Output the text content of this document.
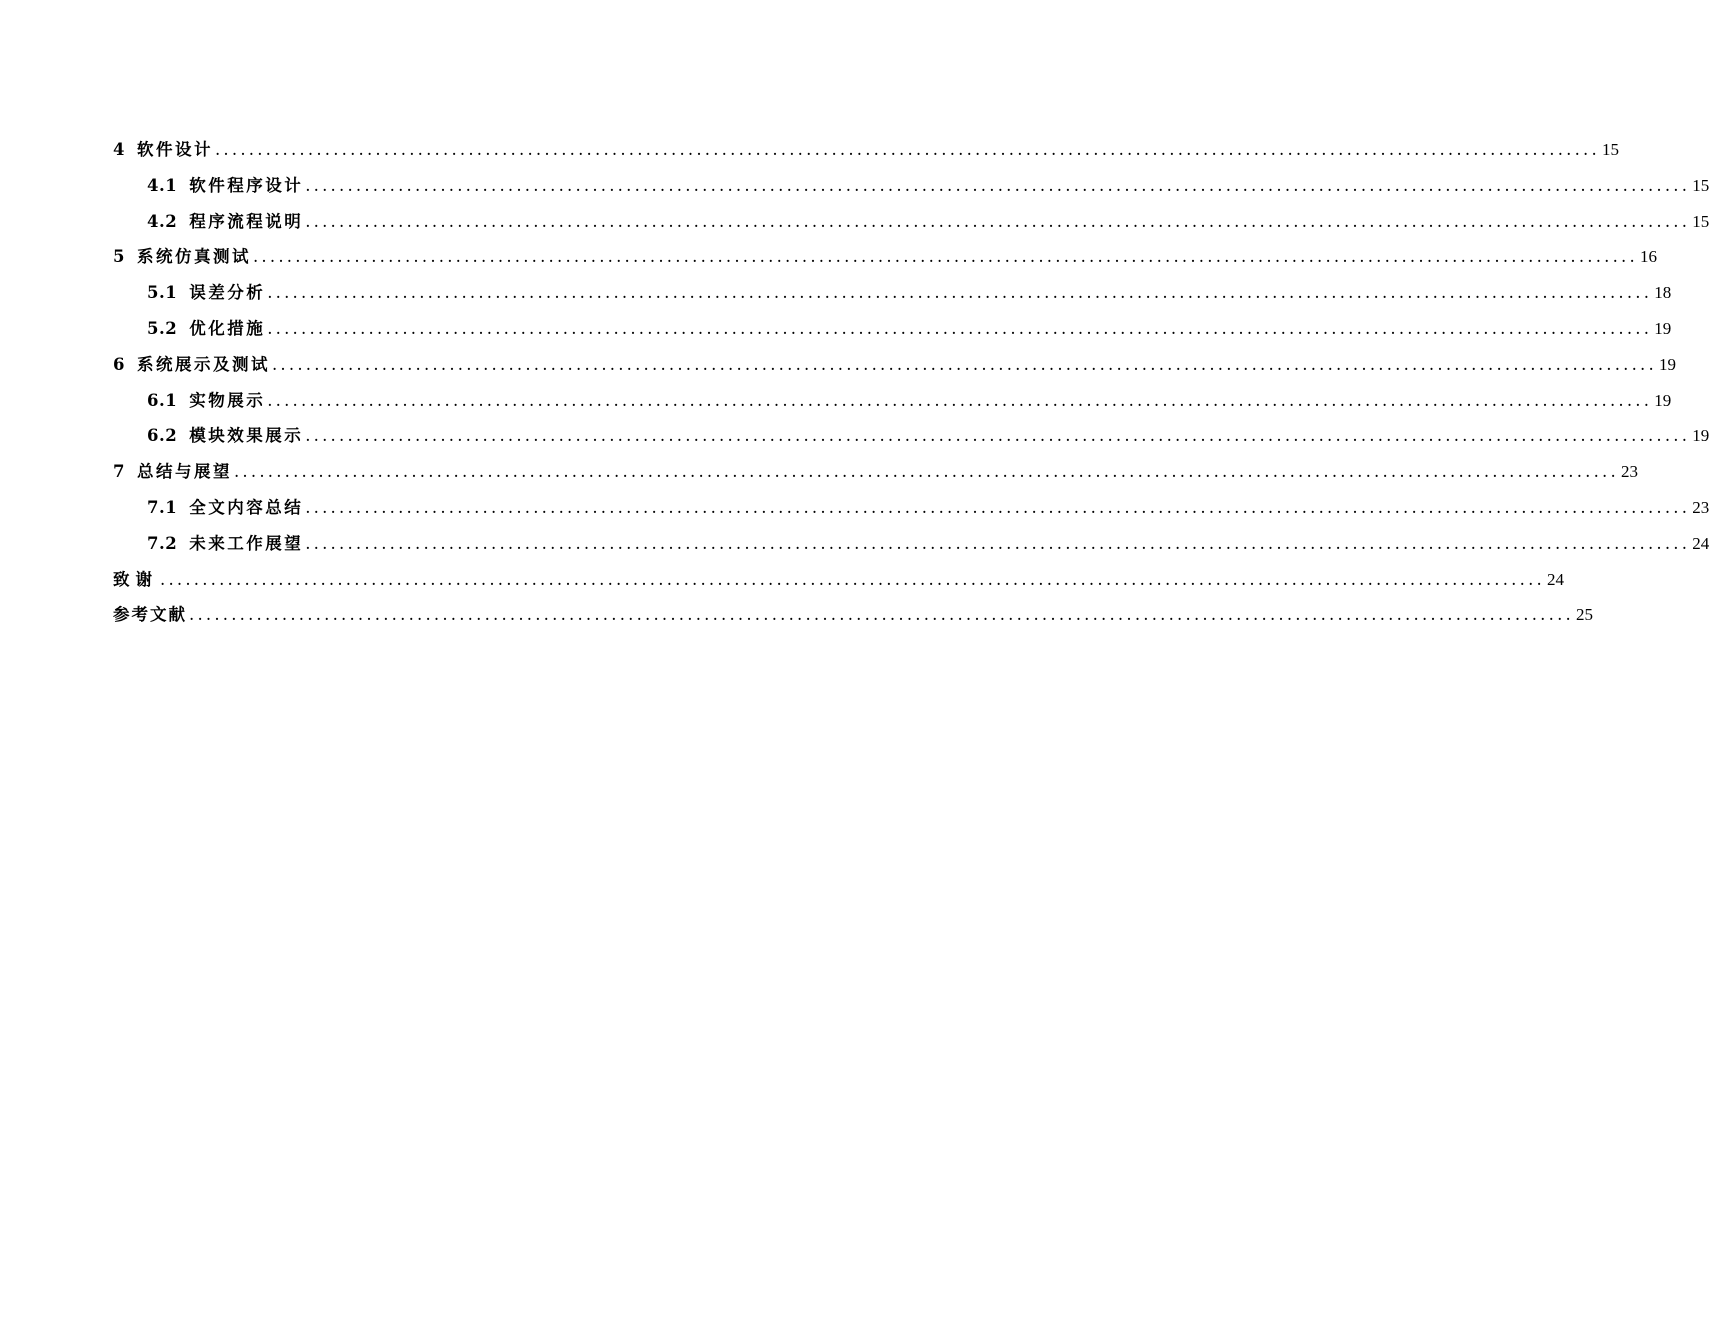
4 软件设计 .................................................................................................................................................................... 15
4.1 软件程序设计 .................................................................................................................................................................... 15
4.2 程序流程说明 .................................................................................................................................................................... 15
5 系统仿真测试 .................................................................................................................................................................... 16
5.1 误差分析 .................................................................................................................................................................... 18
5.2 优化措施 .................................................................................................................................................................... 19
6 系统展示及测试 .................................................................................................................................................................... 19
6.1 实物展示 .................................................................................................................................................................... 19
6.2 模块效果展示 .................................................................................................................................................................... 19
7 总结与展望 .................................................................................................................................................................... 23
7.1 全文内容总结 .................................................................................................................................................................... 23
7.2 未来工作展望 .................................................................................................................................................................... 24
致谢 .................................................................................................................................................................... 24
参考文献 .................................................................................................................................................................... 25
